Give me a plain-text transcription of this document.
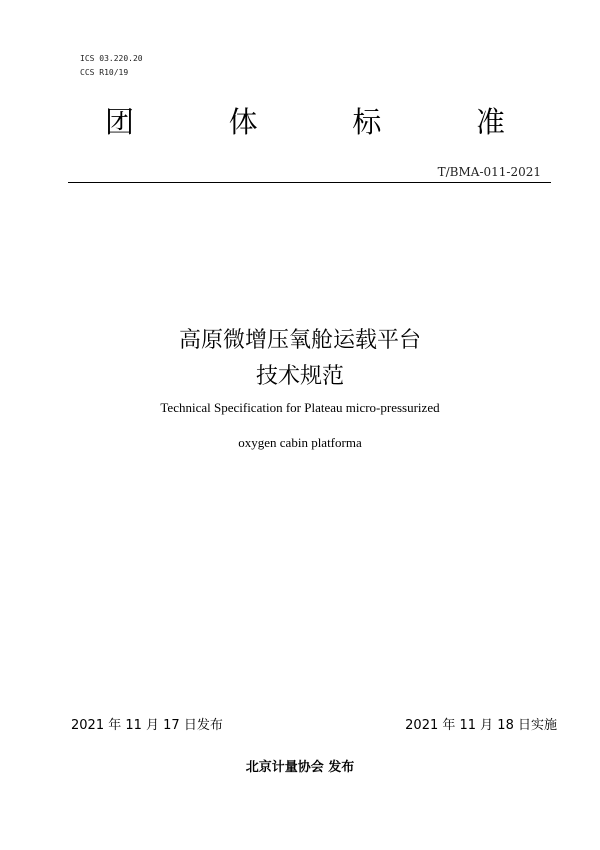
ICS 03.220.20
CCS R10/19
团	体	标	准
T/BMA-011-2021
高原微增压氧舱运载平台
技术规范
Technical Specification for Plateau micro-pressurized
oxygen cabin platforma
2021 年 11 月 17 日发布	2021 年 11 月 18 日实施
北京计量协会 发布
